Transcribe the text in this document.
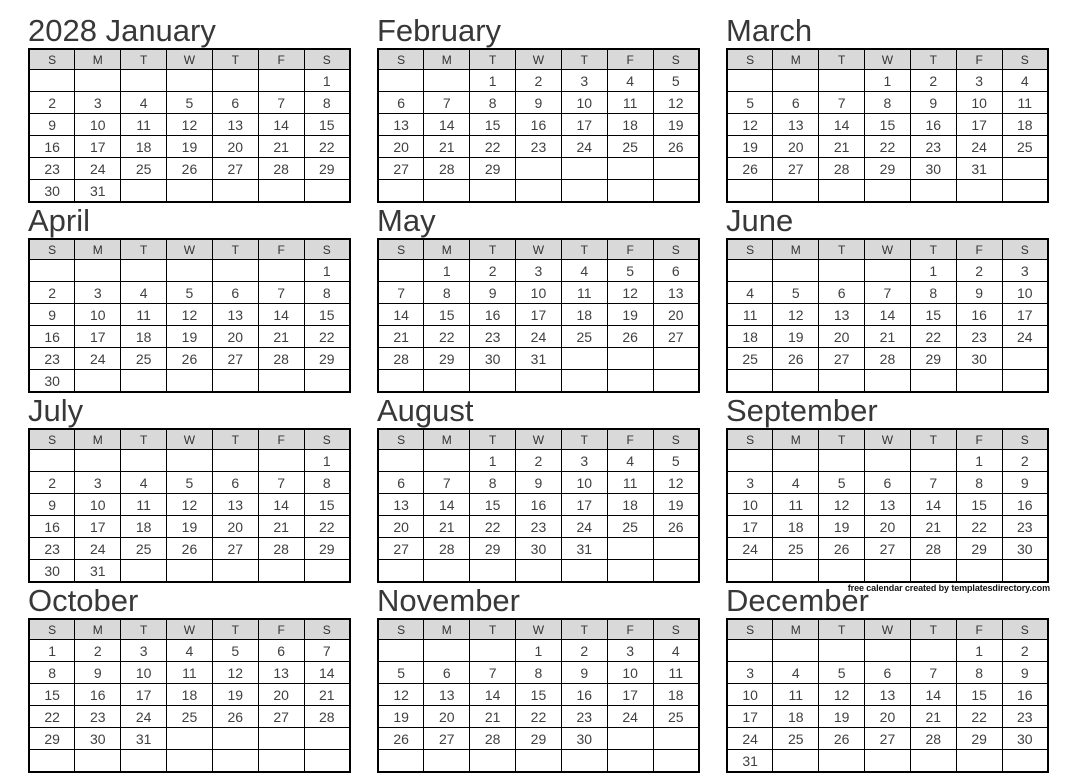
2028 January
S	M	T	W	T	F	S
						1
2	3	4	5	6	7	8
9	10	11	12	13	14	15
16	17	18	19	20	21	22
23	24	25	26	27	28	29
30	31					
February
S	M	T	W	T	F	S
		1	2	3	4	5
6	7	8	9	10	11	12
13	14	15	16	17	18	19
20	21	22	23	24	25	26
27	28	29				

March
S	M	T	W	T	F	S
			1	2	3	4
5	6	7	8	9	10	11
12	13	14	15	16	17	18
19	20	21	22	23	24	25
26	27	28	29	30	31	

April
S	M	T	W	T	F	S
						1
2	3	4	5	6	7	8
9	10	11	12	13	14	15
16	17	18	19	20	21	22
23	24	25	26	27	28	29
30						
May
S	M	T	W	T	F	S
	1	2	3	4	5	6
7	8	9	10	11	12	13
14	15	16	17	18	19	20
21	22	23	24	25	26	27
28	29	30	31			

June
S	M	T	W	T	F	S
				1	2	3
4	5	6	7	8	9	10
11	12	13	14	15	16	17
18	19	20	21	22	23	24
25	26	27	28	29	30	

July
S	M	T	W	T	F	S
						1
2	3	4	5	6	7	8
9	10	11	12	13	14	15
16	17	18	19	20	21	22
23	24	25	26	27	28	29
30	31					
August
S	M	T	W	T	F	S
		1	2	3	4	5
6	7	8	9	10	11	12
13	14	15	16	17	18	19
20	21	22	23	24	25	26
27	28	29	30	31		

September
S	M	T	W	T	F	S
					1	2
3	4	5	6	7	8	9
10	11	12	13	14	15	16
17	18	19	20	21	22	23
24	25	26	27	28	29	30

October
S	M	T	W	T	F	S
1	2	3	4	5	6	7
8	9	10	11	12	13	14
15	16	17	18	19	20	21
22	23	24	25	26	27	28
29	30	31				

November
S	M	T	W	T	F	S
			1	2	3	4
5	6	7	8	9	10	11
12	13	14	15	16	17	18
19	20	21	22	23	24	25
26	27	28	29	30		

December
S	M	T	W	T	F	S
					1	2
3	4	5	6	7	8	9
10	11	12	13	14	15	16
17	18	19	20	21	22	23
24	25	26	27	28	29	30
31						
free calendar created by templatesdirectory.com
